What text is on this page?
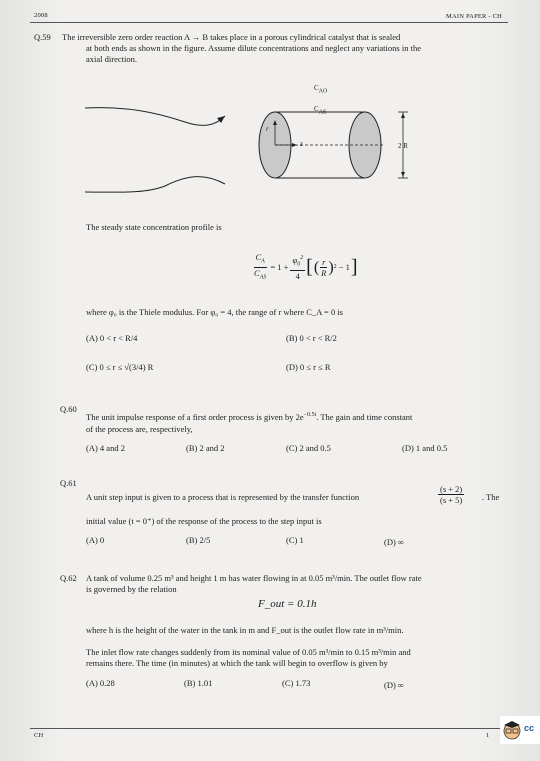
2008	MAIN PAPER - CH
Q.59 The irreversible zero order reaction A → B takes place in a porous cylindrical catalyst that is sealed
at both ends as shown in the figure. Assume dilute concentrations and neglect any variations in the
axial direction.
$C_{AO}$
$C_{AS}$
r
z	2 R
The steady state concentration profile is
$\frac{C_A}{C_{AS}} = 1 + \frac{\varphi_0^2}{4}$ [ ( $\frac{r}{R}$ ) 2 − 1 ]
where φ₀ is the Thiele modulus. For φ₀ = 4, the range of r where C_A = 0 is
(A) 0 < r < R/4	(B) 0 < r < R/2
(C) 0 ≤ r ≤ √(3/4) R	(D) 0 ≤ r ≤ R
Q.60
The unit impulse response of a first order process is given by $2e^{-0.5t}$. The gain and time constant
of the process are, respectively,
(A) 4 and 2	(B) 2 and 2	(C) 2 and 0.5	(D) 1 and 0.5
Q.61
A unit step input is given to a process that is represented by the transfer function	$\frac{(s + 2)}{(s + 5)}$ . The
initial value (t = 0⁺) of the response of the process to the step input is
(A) 0	(B) 2/5	(C) 1	(D) ∞
Q.62 A tank of volume 0.25 m³ and height 1 m has water flowing in at 0.05 m³/min. The outlet flow rate
is governed by the relation
F_out = 0.1h
where h is the height of the water in the tank in m and F_out is the outlet flow rate in m³/min.
The inlet flow rate changes suddenly from its nominal value of 0.05 m³/min to 0.15 m³/min and
remains there. The time (in minutes) at which the tank will begin to overflow is given by
(A) 0.28	(B) 1.01	(C) 1.73	(D) ∞
CH	1
cc
